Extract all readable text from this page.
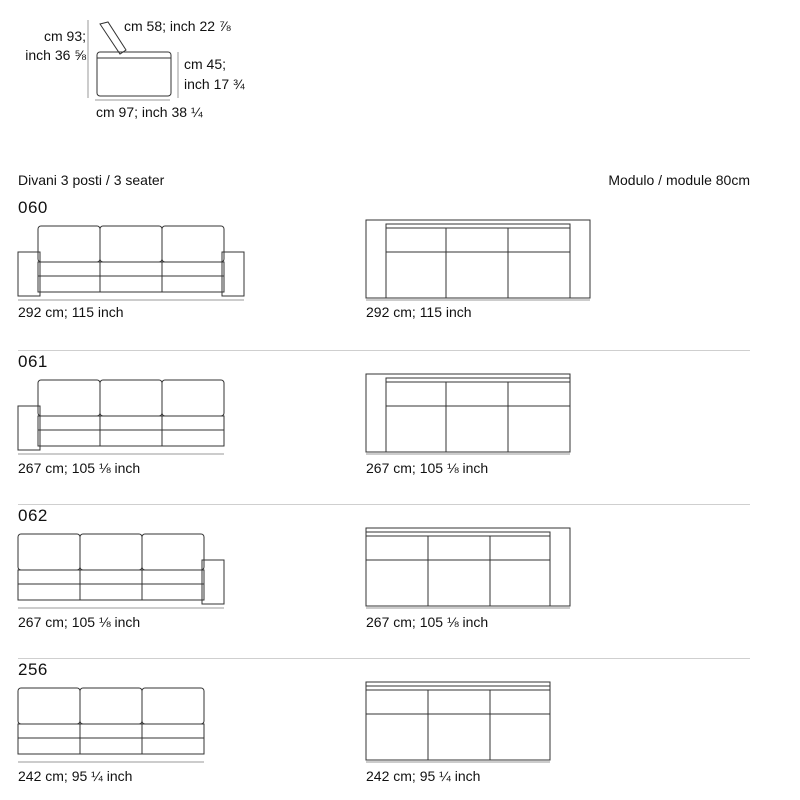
cm 93;
inch 36 ⅝
cm 58; inch 22 ⅞
cm 45;
inch 17 ¾
cm 97; inch 38 ¼
Divani 3 posti / 3 seater	Modulo / module 80cm
060
292 cm; 115 inch	292 cm; 115 inch
061
267 cm; 105 ⅛ inch	267 cm; 105 ⅛ inch
062
267 cm; 105 ⅛ inch	267 cm; 105 ⅛ inch
256
242 cm; 95 ¼ inch	242 cm; 95 ¼ inch
